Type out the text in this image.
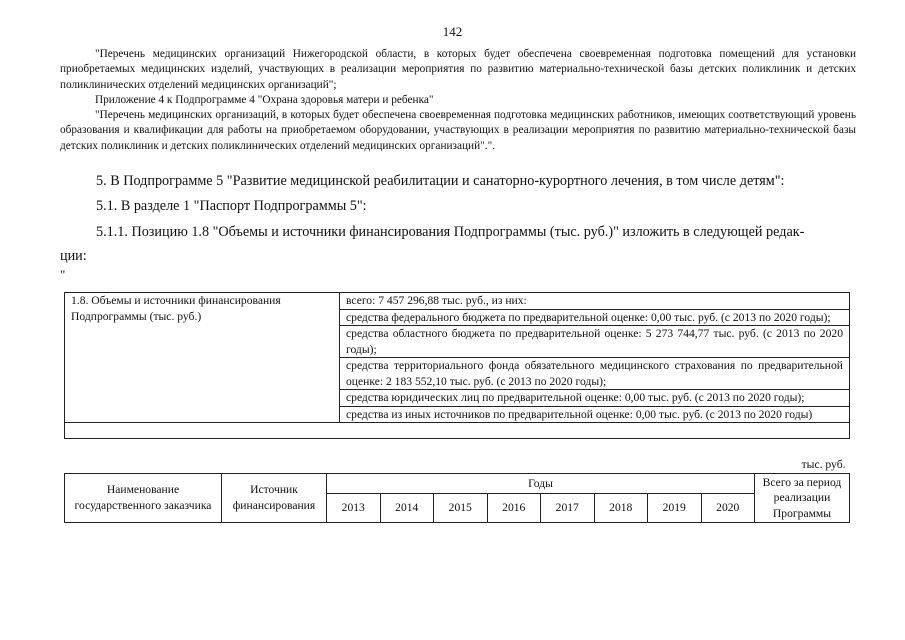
142

"Перечень медицинских организаций Нижегородской области, в которых будет обеспечена своевременная подготовка помещений для установки приобретаемых медицинских изделий, участвующих в реализации мероприятия по развитию материально-технической базы детских поликлиник и детских поликлинических отделений медицинских организаций";

Приложение 4 к Подпрограмме 4 "Охрана здоровья матери и ребенка"

"Перечень медицинских организаций, в которых будет обеспечена своевременная подготовка медицинских работников, имеющих соответствующий уровень образования и квалификации для работы на приобретаемом оборудовании, участвующих в реализации мероприятия по развитию материально-технической базы детских поликлиник и детских поликлинических отделений медицинских организаций".".

5. В Подпрограмме 5 "Развитие медицинской реабилитации и санаторно-курортного лечения, в том числе детям":
5.1. В разделе 1 "Паспорт Подпрограммы 5":
5.1.1. Позицию 1.8 "Объемы и источники финансирования Подпрограммы (тыс. руб.)" изложить в следующей редак-
ции:
"
1.8. Объемы и источники финансирования Подпрограммы (тыс. руб.)	всего: 7 457 296,88 тыс. руб., из них:
средства федерального бюджета по предварительной оценке: 0,00 тыс. руб. (с 2013 по 2020 годы);
средства областного бюджета по предварительной оценке: 5 273 744,77 тыс. руб. (с 2013 по 2020 годы);
средства территориального фонда обязательного медицинского страхования по предварительной оценке: 2 183 552,10 тыс. руб. (с 2013 по 2020 годы);
средства юридических лиц по предварительной оценке: 0,00 тыс. руб. (с 2013 по 2020 годы);
средства из иных источников по предварительной оценке: 0,00 тыс. руб. (с 2013 по 2020 годы)

тыс. руб.										
Наименование государственного заказчика	Источник финансирования	Годы								Всего за период реализации Программы
		2013	2014	2015	2016	2017	2018	2019	2020	
